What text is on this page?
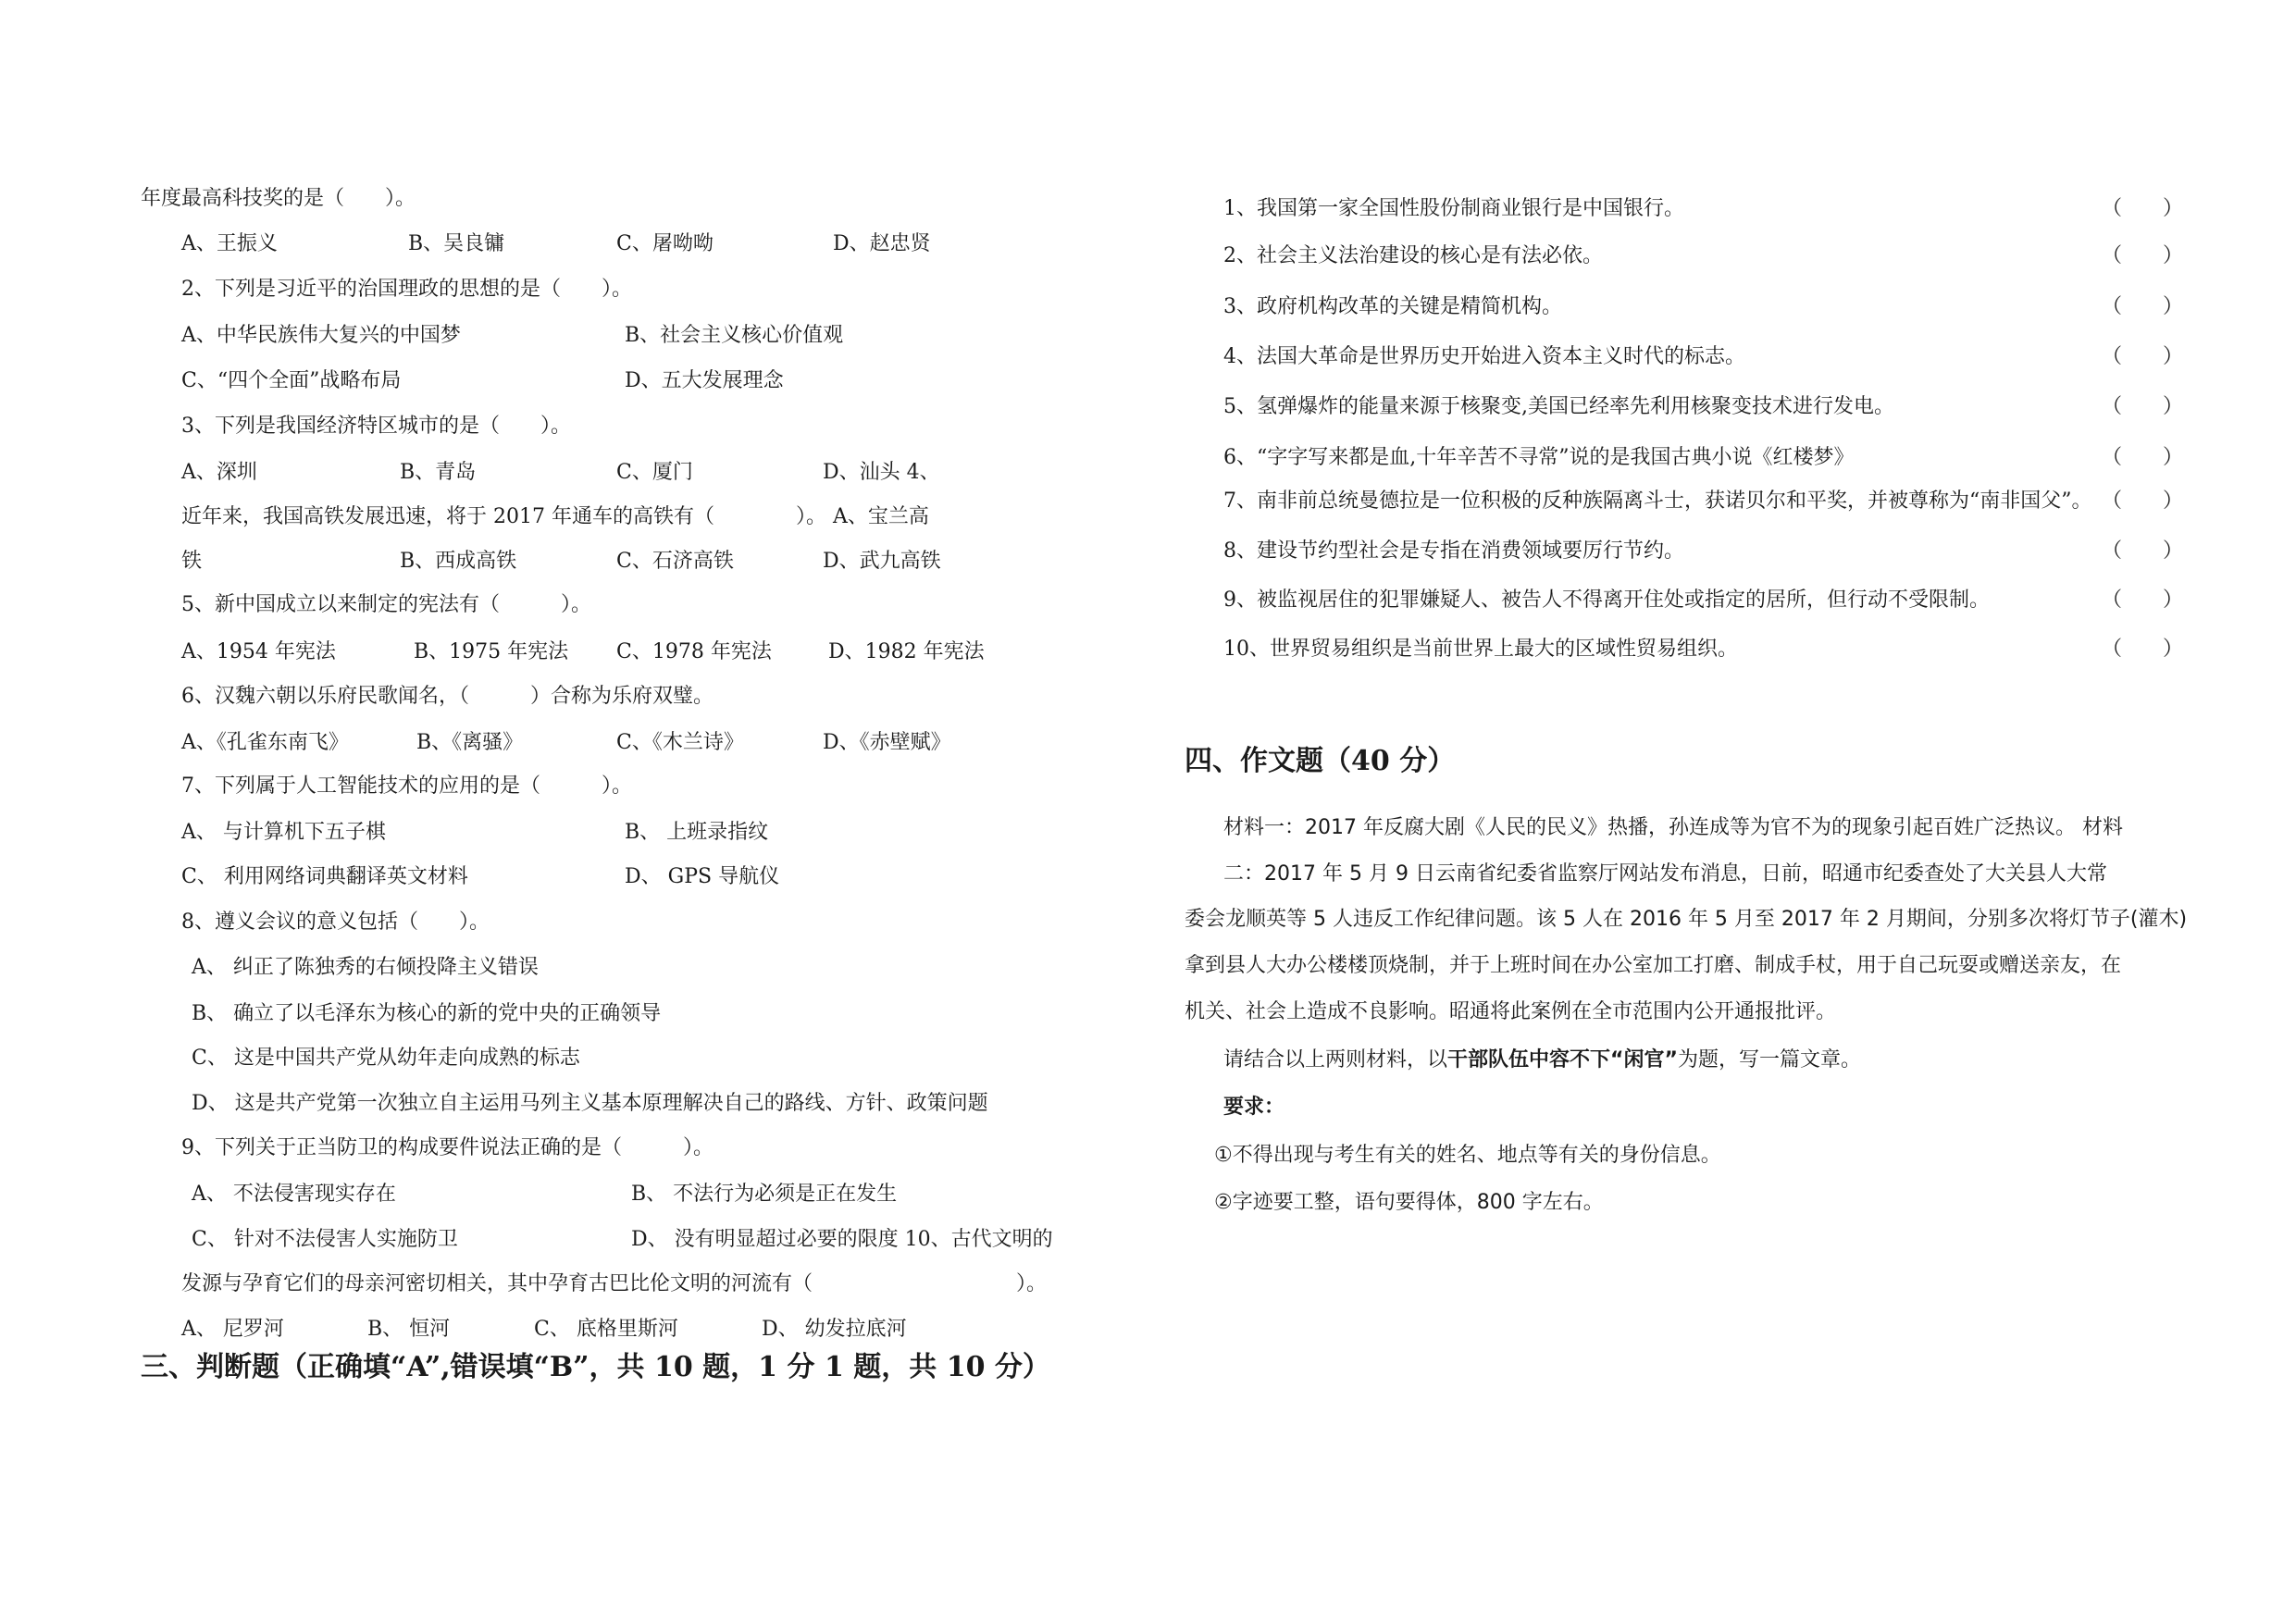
年度最高科技奖的是（　　）。
A、王振义	B、吴良镛	C、屠呦呦	D、赵忠贤
2、下列是习近平的治国理政的思想的是（　　）。
A、中华民族伟大复兴的中国梦	B、社会主义核心价值观
C、“四个全面”战略布局	D、五大发展理念
3、下列是我国经济特区城市的是（　　）。
A、深圳	B、青岛	C、厦门	D、汕头 4、
近年来，我国高铁发展迅速，将于 2017 年通车的高铁有（　　　　）。 A、宝兰高
铁	B、西成高铁	C、石济高铁	D、武九高铁
5、新中国成立以来制定的宪法有（　　　）。
A、1954 年宪法	B、1975 年宪法 C、1978 年宪法	D、1982 年宪法
6、汉魏六朝以乐府民歌闻名，（　　　）合称为乐府双璧。
A、《孔雀东南飞》	B、《离骚》	C、《木兰诗》	D、《赤壁赋》
7、下列属于人工智能技术的应用的是（　　　）。
A、 与计算机下五子棋	B、 上班录指纹
C、 利用网络词典翻译英文材料	D、 GPS 导航仪
8、遵义会议的意义包括（　　）。
A、 纠正了陈独秀的右倾投降主义错误
B、 确立了以毛泽东为核心的新的党中央的正确领导
C、 这是中国共产党从幼年走向成熟的标志
D、 这是共产党第一次独立自主运用马列主义基本原理解决自己的路线、方针、政策问题
9、下列关于正当防卫的构成要件说法正确的是（　　　）。
A、 不法侵害现实存在	B、 不法行为必须是正在发生
C、 针对不法侵害人实施防卫	D、 没有明显超过必要的限度 10、古代文明的
发源与孕育它们的母亲河密切相关，其中孕育古巴比伦文明的河流有（　　　　　　　　　　）。
A、 尼罗河	B、 恒河	C、 底格里斯河	D、 幼发拉底河
三、判断题（正确填“A”,错误填“B”，共 10 题，1 分 1 题，共 10 分）
1、我国第一家全国性股份制商业银行是中国银行。	（　　）
2、社会主义法治建设的核心是有法必依。	（　　）
3、政府机构改革的关键是精简机构。	（　　）
4、法国大革命是世界历史开始进入资本主义时代的标志。	（　　）
5、氢弹爆炸的能量来源于核聚变,美国已经率先利用核聚变技术进行发电。	（　　）
6、“字字写来都是血,十年辛苦不寻常”说的是我国古典小说《红楼梦》	（　　）
7、南非前总统曼德拉是一位积极的反种族隔离斗士，获诺贝尔和平奖，并被尊称为“南非国父”。 （　　）
8、建设节约型社会是专指在消费领域要厉行节约。	（　　）
9、被监视居住的犯罪嫌疑人、被告人不得离开住处或指定的居所，但行动不受限制。	（　　）
10、世界贸易组织是当前世界上最大的区域性贸易组织。	（　　）
四、作文题（40 分）
材料一：2017 年反腐大剧《人民的民义》热播，孙连成等为官不为的现象引起百姓广泛热议。 材料
二：2017 年 5 月 9 日云南省纪委省监察厅网站发布消息，日前，昭通市纪委查处了大关县人大常
委会龙顺英等 5 人违反工作纪律问题。该 5 人在 2016 年 5 月至 2017 年 2 月期间，分别多次将灯节子(灌木)
拿到县人大办公楼楼顶烧制，并于上班时间在办公室加工打磨、制成手杖，用于自己玩耍或赠送亲友，在
机关、社会上造成不良影响。昭通将此案例在全市范围内公开通报批评。
请结合以上两则材料，以干部队伍中容不下“闲官”为题，写一篇文章。
要求：
①不得出现与考生有关的姓名、地点等有关的身份信息。
②字迹要工整，语句要得体，800 字左右。
